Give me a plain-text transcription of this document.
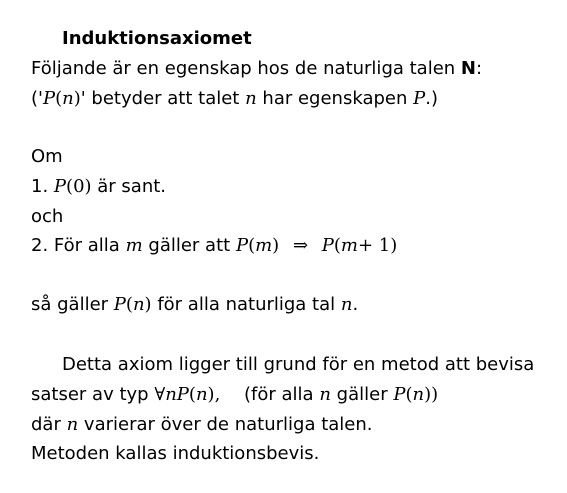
Induktionsaxiomet
Följande är en egenskap hos de naturliga talen N:
('P(n)' betyder att talet n har egenskapen P.)
Om
1. P(0) är sant.
och
2. För alla m gäller att P(m) ⇒ P(m+ 1)
så gäller P(n) för alla naturliga tal n.
Detta axiom ligger till grund för en metod att bevisa
satser av typ ∀nP(n), (för alla n gäller P(n))
där n varierar över de naturliga talen.
Metoden kallas induktionsbevis.
